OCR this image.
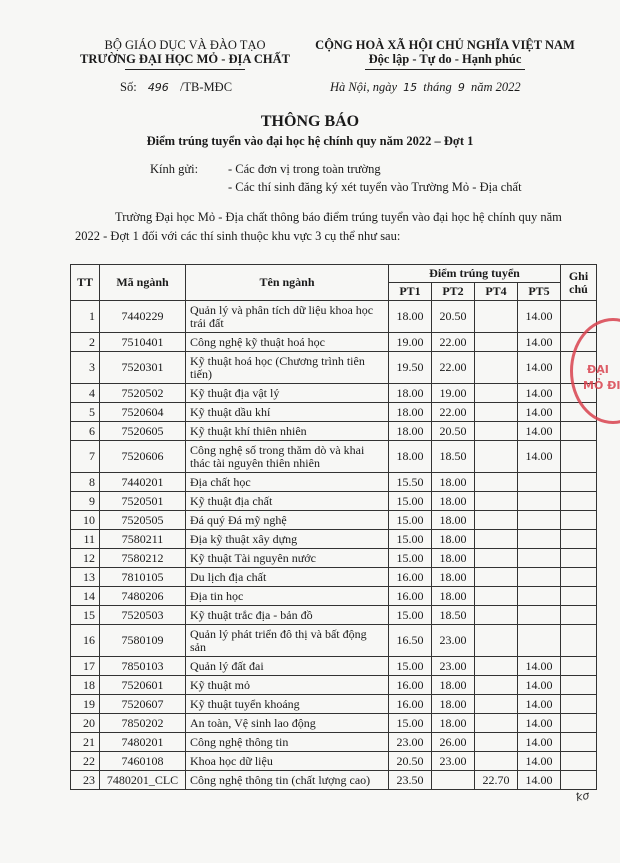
BỘ GIÁO DỤC VÀ ĐÀO TẠO
TRƯỜNG ĐẠI HỌC MỎ - ĐỊA CHẤT
CỘNG HOÀ XÃ HỘI CHỦ NGHĨA VIỆT NAM
Độc lập - Tự do - Hạnh phúc
Số: 496 /TB-MĐC	Hà Nội, ngày 15 tháng 9 năm 2022
THÔNG BÁO
Điểm trúng tuyển vào đại học hệ chính quy năm 2022 – Đợt 1
Kính gửi: - Các đơn vị trong toàn trường
- Các thí sinh đăng ký xét tuyển vào Trường Mỏ - Địa chất
Trường Đại học Mỏ - Địa chất thông báo điểm trúng tuyển vào đại học hệ chính quy năm 2022 - Đợt 1 đối với các thí sinh thuộc khu vực 3 cụ thể như sau:
TT	Mã ngành	Tên ngành	Điểm trúng tuyển				Ghi chú
			PT1	PT2	PT4	PT5	
1	7440229	Quản lý và phân tích dữ liệu khoa học trái đất	18.00	20.50		14.00	
2	7510401	Công nghệ kỹ thuật hoá học	19.00	22.00		14.00	
3	7520301	Kỹ thuật hoá học (Chương trình tiên tiến)	19.50	22.00		14.00	
4	7520502	Kỹ thuật địa vật lý	18.00	19.00		14.00	
5	7520604	Kỹ thuật dầu khí	18.00	22.00		14.00	
6	7520605	Kỹ thuật khí thiên nhiên	18.00	20.50		14.00	
7	7520606	Công nghệ số trong thăm dò và khai thác tài nguyên thiên nhiên	18.00	18.50		14.00	
8	7440201	Địa chất học	15.50	18.00			
9	7520501	Kỹ thuật địa chất	15.00	18.00			
10	7520505	Đá quý Đá mỹ nghệ	15.00	18.00			
11	7580211	Địa kỹ thuật xây dựng	15.00	18.00			
12	7580212	Kỹ thuật Tài nguyên nước	15.00	18.00			
13	7810105	Du lịch địa chất	16.00	18.00			
14	7480206	Địa tin học	16.00	18.00			
15	7520503	Kỹ thuật trắc địa - bản đồ	15.00	18.50			
16	7580109	Quản lý phát triển đô thị và bất động sản	16.50	23.00			
17	7850103	Quản lý đất đai	15.00	23.00		14.00	
18	7520601	Kỹ thuật mỏ	16.00	18.00		14.00	
19	7520607	Kỹ thuật tuyển khoáng	16.00	18.00		14.00	
20	7850202	An toàn, Vệ sinh lao động	15.00	18.00		14.00	
21	7480201	Công nghệ thông tin	23.00	26.00		14.00	
22	7460108	Khoa học dữ liệu	20.50	23.00		14.00	
23	7480201_CLC	Công nghệ thông tin (chất lượng cao)	23.50		22.70	14.00	
ĐẠI
MỎ ĐI
ꝁσ
